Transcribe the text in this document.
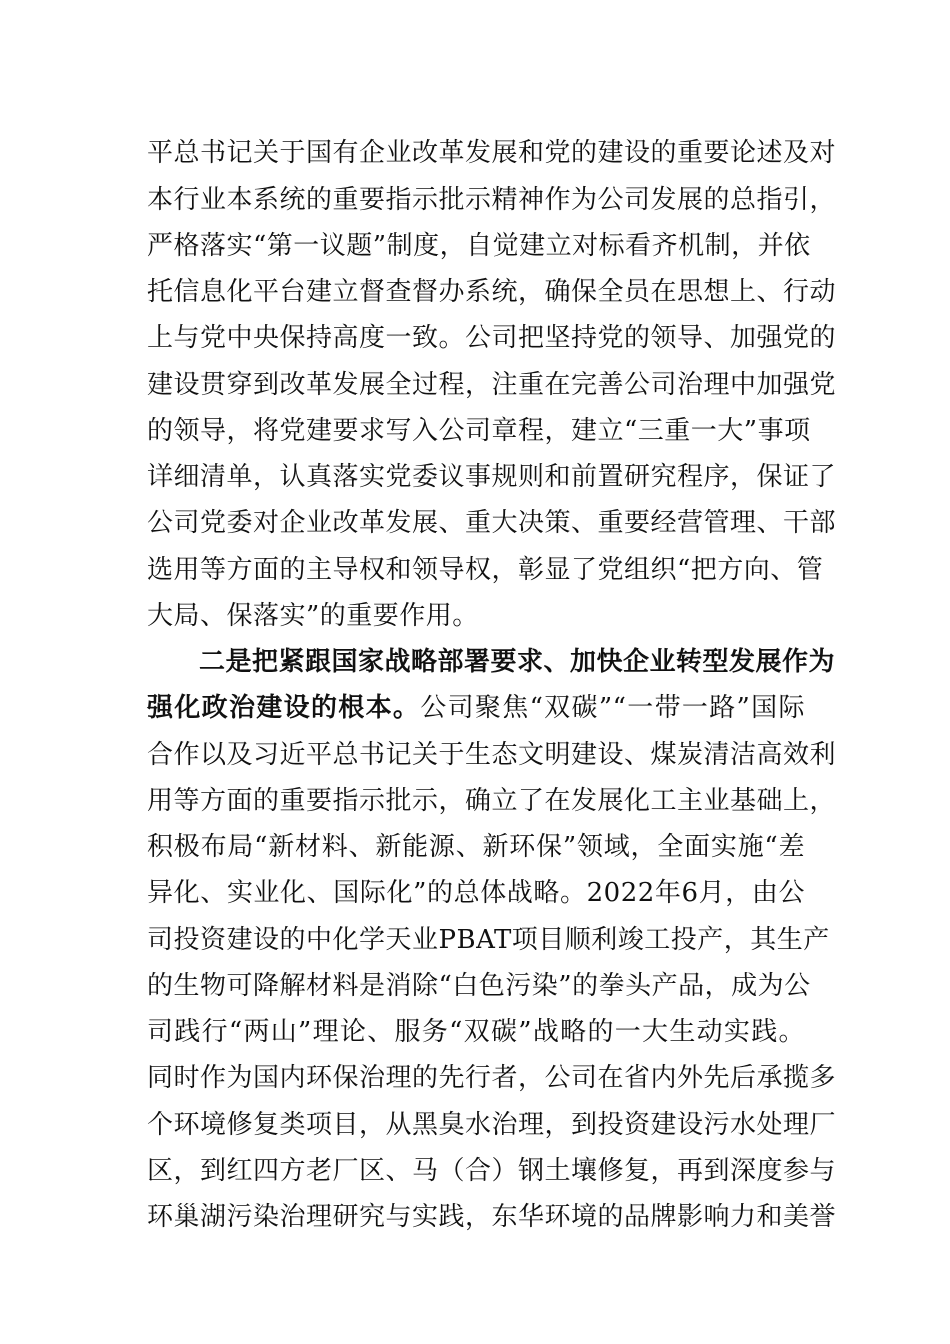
平总书记关于国有企业改革发展和党的建设的重要论述及对
本行业本系统的重要指示批示精神作为公司发展的总指引，
严格落实“第一议题”制度，自觉建立对标看齐机制，并依
托信息化平台建立督查督办系统，确保全员在思想上、行动
上与党中央保持高度一致。公司把坚持党的领导、加强党的
建设贯穿到改革发展全过程，注重在完善公司治理中加强党
的领导，将党建要求写入公司章程，建立“三重一大”事项
详细清单，认真落实党委议事规则和前置研究程序，保证了
公司党委对企业改革发展、重大决策、重要经营管理、干部
选用等方面的主导权和领导权，彰显了党组织“把方向、管
大局、保落实”的重要作用。
二是把紧跟国家战略部署要求、加快企业转型发展作为
强化政治建设的根本。公司聚焦“双碳”“一带一路”国际
合作以及习近平总书记关于生态文明建设、煤炭清洁高效利
用等方面的重要指示批示，确立了在发展化工主业基础上，
积极布局“新材料、新能源、新环保”领域，全面实施“差
异化、实业化、国际化”的总体战略。2022年6月，由公
司投资建设的中化学天业PBAT项目顺利竣工投产，其生产
的生物可降解材料是消除“白色污染”的拳头产品，成为公
司践行“两山”理论、服务“双碳”战略的一大生动实践。
同时作为国内环保治理的先行者，公司在省内外先后承揽多
个环境修复类项目，从黑臭水治理，到投资建设污水处理厂
区，到红四方老厂区、马（合）钢土壤修复，再到深度参与
环巢湖污染治理研究与实践，东华环境的品牌影响力和美誉
